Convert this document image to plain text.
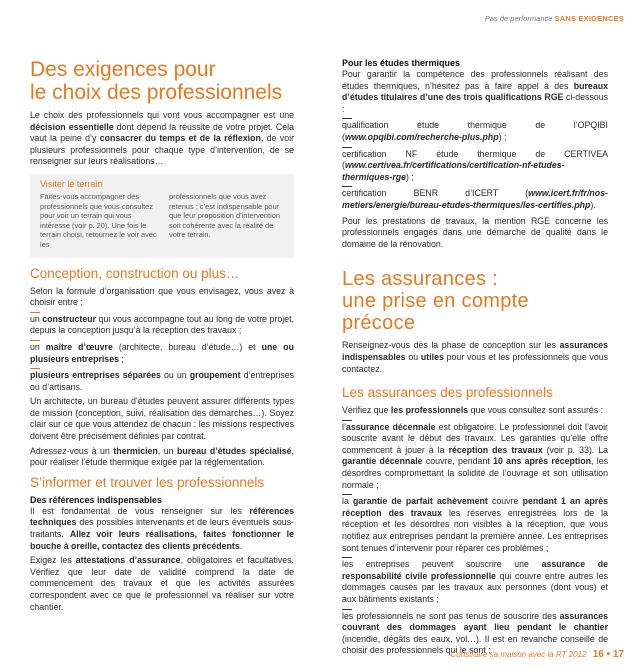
Pas de performance SANS EXIGENCES
Des exigences pour
le choix des professionnels

Le choix des professionnels qui vont vous accompagner est une décision essentielle dont dépend la réussite de votre projet. Cela vaut la peine d’y consacrer du temps et de la réflexion, de voir plusieurs professionnels pour chaque type d’intervention, de se renseigner sur leurs réalisations…

Visiter le terrain

Faites-vous accompagner des professionnels que vous consultez pour voir un terrain qui vous intéresse (voir p. 20). Une fois le terrain choisi, retournez le voir avec les

professionnels que vous avez retenus ; c’est indispensable pour que leur proposition d’intervention soit cohérente avec la réalité de votre terrain.

Conception, construction ou plus…

Selon la formule d’organisation que vous envisagez, vous avez à choisir entre :

un constructeur qui vous accompagne tout au long de votre projet, depuis la conception jusqu’à la réception des travaux ;

un maître d’œuvre (architecte, bureau d’étude…) et une ou plusieurs entreprises ;

plusieurs entreprises séparées ou un groupement d’entreprises ou d’artisans.

Un architecte, un bureau d’études peuvent assurer différents types de mission (conception, suivi, réalisation des démarches…). Soyez clair sur ce que vous attendez de chacun : les missions respectives doivent être précisément définies par contrat.

Adressez-vous à un thermicien, un bureau d’études spécialisé, pour réaliser l’étude thermique exigée par la réglementation.

S’informer et trouver les professionnels
Des références indispensables

Il est fondamental de vous renseigner sur les références techniques des possibles intervenants et de leurs éventuels sous-traitants. Allez voir leurs réalisations, faites fonctionner le bouche à oreille, contactez des clients précédents.

Exigez les attestations d’assurance, obligatoires et facultatives. Vérifiez que leur date de validité comprend la date de commencement des travaux et que les activités assurées correspondent avec ce que le professionnel va réaliser sur votre chantier.

Pour les études thermiques

Pour garantir la compétence des professionnels réalisant des études thermiques, n’hésitez pas à faire appel à des bureaux d’études titulaires d’une des trois qualifications RGE ci-dessous :

qualification étude thermique de l’OPQIBI (www.opqibi.com/recherche-plus.php) ;

certification NF étude thermique de CERTIVEA (www.certivea.fr/certifications/certification-nf-etudes-thermiques-rge) ;

certification BENR d’ICERT (www.icert.fr/fr/nos-metiers/energie/bureau-etudes-thermiques/les-certifies.php).

Pour les prestations de travaux, la mention RGE concerne les professionnels engagés dans une démarche de qualité dans le domaine de la rénovation.

Les assurances :
une prise en compte précoce

Renseignez-vous dès la phase de conception sur les assurances indispensables ou utiles pour vous et les professionnels que vous contactez.

Les assurances des professionnels

Vérifiez que les professionnels que vous consultez sont assurés :

l’assurance décennale est obligatoire. Le professionnel doit l’avoir souscrite avant le début des travaux. Les garanties qu’elle offre commencent à jouer à la réception des travaux (voir p. 33). La garantie décennale couvre, pendant 10 ans après réception, les désordres compromettant la solidité de l’ouvrage et son utilisation normale ;

la garantie de parfait achèvement couvre pendant 1 an après réception des travaux les réserves enregistrées lors de la réception et les désordres non visibles à la réception, que vous notifiez aux entreprises pendant la première année. Les entreprises sont tenues d’intervenir pour réparer ces problèmes ;

les entreprises peuvent souscrire une assurance de responsabilité civile professionnelle qui couvre entre autres les dommages causés par les travaux aux personnes (dont vous) et aux bâtiments existants ;

les professionnels ne sont pas tenus de souscrire des assurances couvrant des dommages ayant lieu pendant le chantier (incendie, dégâts des eaux, vol…). Il est en revanche conseillé de choisir des professionnels qui le sont ;

Construire sa maison avec la RT 2012 16 • 17
